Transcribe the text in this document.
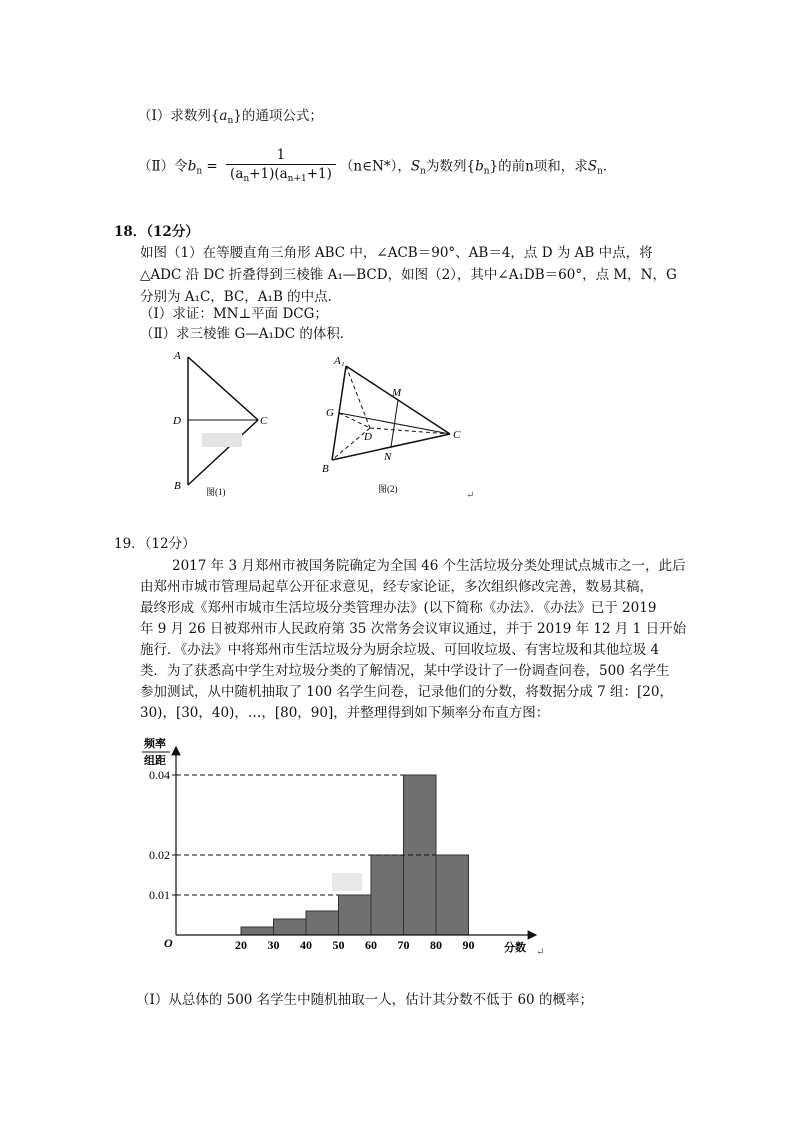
（Ⅰ）求数列$\{a_n\}$的通项公式；
（Ⅱ）令$b_n = \frac{1}{(a_n+1)(a_{n+1}+1)}$ （n∈N*），$S_n$为数列$\{b_n\}$的前n项和，求$S_n$．
18．（12分）
如图（1）在等腰直角三角形 ABC 中，∠ACB＝90°、AB＝4，点 D 为 AB 中点，将
△ADC 沿 DC 折叠得到三棱锥 A₁—BCD，如图（2），其中∠A₁DB＝60°，点 M，N，G
分别为 A₁C，BC，A₁B 的中点．
（Ⅰ）求证：MN⊥平面 DCG；
（Ⅱ）求三棱锥 G—A₁DC 的体积．
A
D	C
B	图(1)
A₁
M
G
D	C
N
B
图(2)
↵
19．（12分）
2017 年 3 月郑州市被国务院确定为全国 46 个生活垃圾分类处理试点城市之一，此后
由郑州市城市管理局起草公开征求意见，经专家论证，多次组织修改完善，数易其稿，
最终形成《郑州市城市生活垃圾分类管理办法》(以下简称《办法》．《办法》已于 2019
年 9 月 26 日被郑州市人民政府第 35 次常务会议审议通过，并于 2019 年 12 月 1 日开始
施行．《办法》中将郑州市生活垃圾分为厨余垃圾、可回收垃圾、有害垃圾和其他垃圾 4
类．为了获悉高中学生对垃圾分类的了解情况，某中学设计了一份调查问卷，500 名学生
参加测试，从中随机抽取了 100 名学生问卷，记录他们的分数，将数据分成 7 组：[20，
30)，[30，40)，…，[80，90]，并整理得到如下频率分布直方图：
20 30 40 50 60 70 80 90
0.01
0.02
0.04
频率
组距
O	分数 ↵
（Ⅰ）从总体的 500 名学生中随机抽取一人，估计其分数不低于 60 的概率；
